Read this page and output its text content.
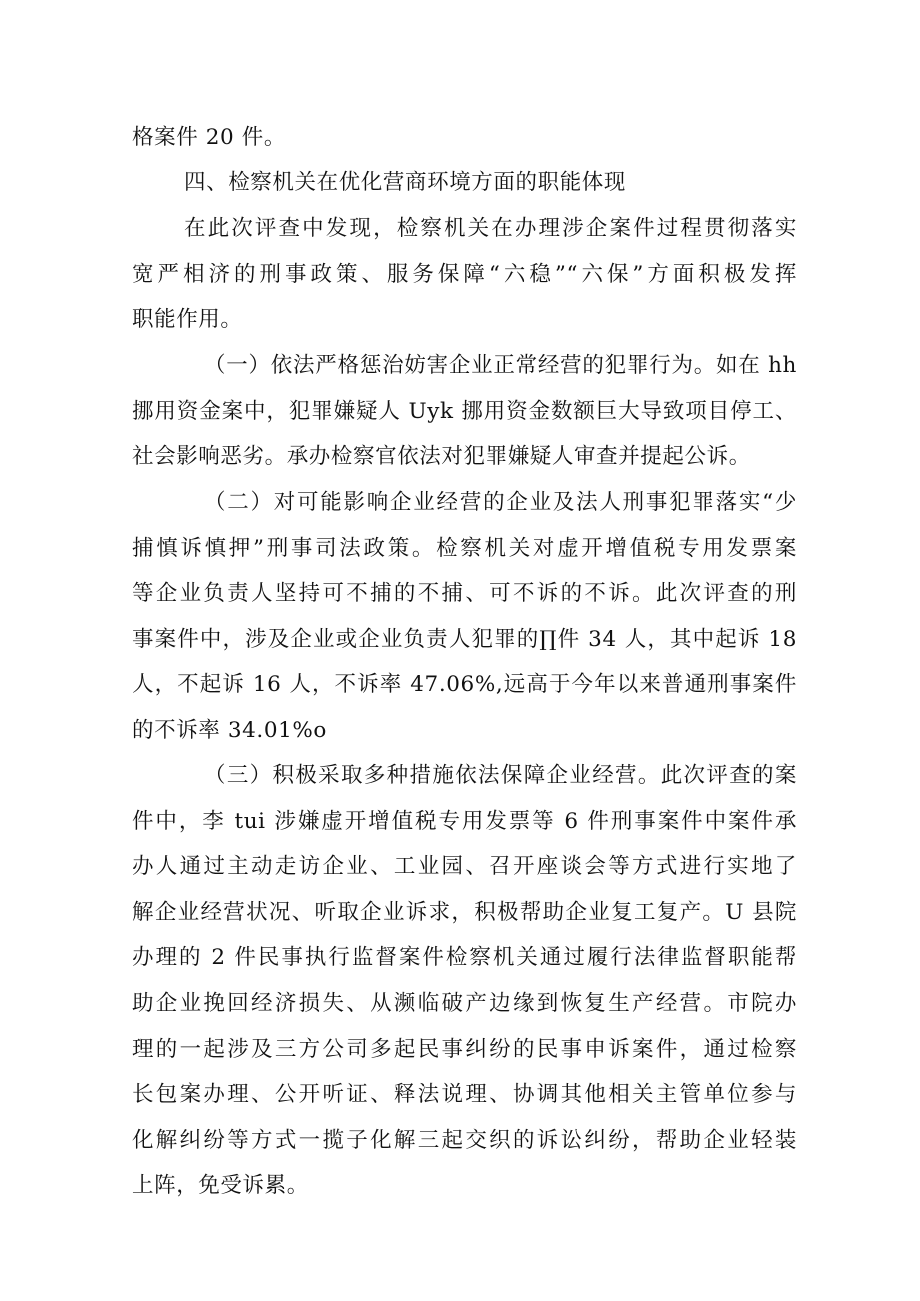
格案件 20 件。
四、检察机关在优化营商环境方面的职能体现
在此次评查中发现，检察机关在办理涉企案件过程贯彻落实
宽严相济的刑事政策、服务保障“六稳”“六保”方面积极发挥
职能作用。
（一）依法严格惩治妨害企业正常经营的犯罪行为。如在 hh
挪用资金案中，犯罪嫌疑人 Uyk 挪用资金数额巨大导致项目停工、
社会影响恶劣。承办检察官依法对犯罪嫌疑人审查并提起公诉。
（二）对可能影响企业经营的企业及法人刑事犯罪落实“少
捕慎诉慎押”刑事司法政策。检察机关对虚开增值税专用发票案
等企业负责人坚持可不捕的不捕、可不诉的不诉。此次评查的刑
事案件中，涉及企业或企业负责人犯罪的∏件 34 人，其中起诉 18
人，不起诉 16 人，不诉率 47.06%,远高于今年以来普通刑事案件
的不诉率 34.01%o
（三）积极采取多种措施依法保障企业经营。此次评查的案
件中，李 tui 涉嫌虚开增值税专用发票等 6 件刑事案件中案件承
办人通过主动走访企业、工业园、召开座谈会等方式进行实地了
解企业经营状况、听取企业诉求，积极帮助企业复工复产。U 县院
办理的 2 件民事执行监督案件检察机关通过履行法律监督职能帮
助企业挽回经济损失、从濒临破产边缘到恢复生产经营。市院办
理的一起涉及三方公司多起民事纠纷的民事申诉案件，通过检察
长包案办理、公开听证、释法说理、协调其他相关主管单位参与
化解纠纷等方式一揽子化解三起交织的诉讼纠纷，帮助企业轻装
上阵，免受诉累。
